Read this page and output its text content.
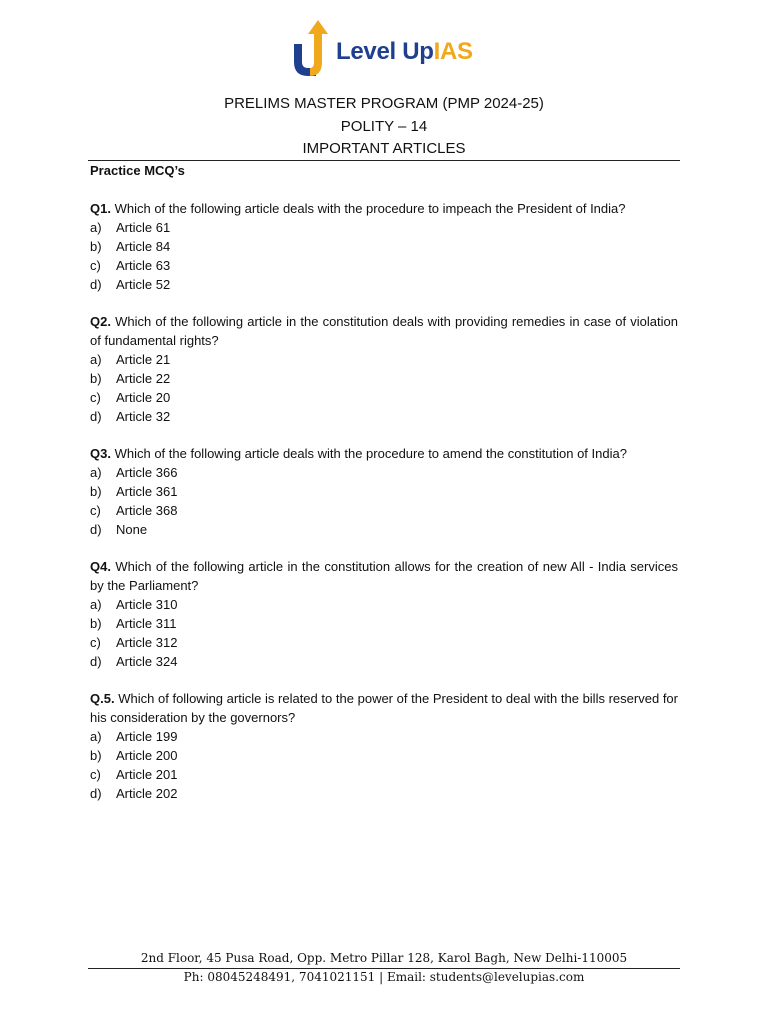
Level UpIAS
PRELIMS MASTER PROGRAM (PMP 2024-25)
POLITY – 14
IMPORTANT ARTICLES
Practice MCQ’s
Q1. Which of the following article deals with the procedure to impeach the President of India?
a)	Article 61
b)	Article 84
c)	Article 63
d)	Article 52
Q2. Which of the following article in the constitution deals with providing remedies in case of violation of fundamental rights?
a)	Article 21
b)	Article 22
c)	Article 20
d)	Article 32
Q3. Which of the following article deals with the procedure to amend the constitution of India?
a)	Article 366
b)	Article 361
c)	Article 368
d)	None
Q4. Which of the following article in the constitution allows for the creation of new All - India services by the Parliament?
a)	Article 310
b)	Article 311
c)	Article 312
d)	Article 324
Q.5. Which of following article is related to the power of the President to deal with the bills reserved for his consideration by the governors?
a)	Article 199
b)	Article 200
c)	Article 201
d)	Article 202
2nd Floor, 45 Pusa Road, Opp. Metro Pillar 128, Karol Bagh, New Delhi-110005
Ph: 08045248491, 7041021151 | Email: students@levelupias.com
